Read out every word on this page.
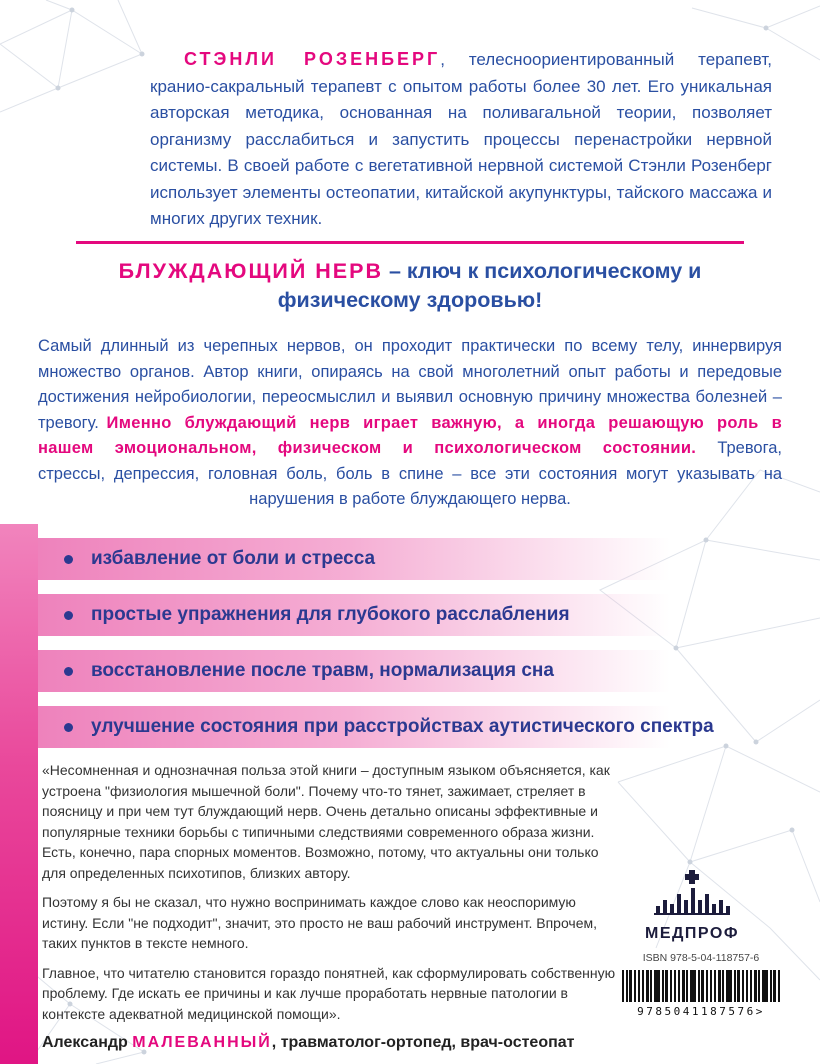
СТЭНЛИ РОЗЕНБЕРГ, телесноориентированный терапевт, кранио-сакральный терапевт с опытом работы более 30 лет. Его уникальная авторская методика, основанная на поливагальной теории, позволяет организму расслабиться и запустить процессы перенастройки нервной системы. В своей работе с вегетативной нервной системой Стэнли Розенберг использует элементы остеопатии, китайской акупунктуры, тайского массажа и многих других техник.

БЛУЖДАЮЩИЙ НЕРВ – ключ к психологическому и физическому здоровью!

Самый длинный из черепных нервов, он проходит практически по всему телу, иннервируя множество органов. Автор книги, опираясь на свой многолетний опыт работы и передовые достижения нейробиологии, переосмыслил и выявил основную причину множества болезней – тревогу. Именно блуждающий нерв играет важную, а иногда решающую роль в нашем эмоциональном, физическом и психологическом состоянии. Тревога, стрессы, депрессия, головная боль, боль в спине – все эти состояния могут указывать на нарушения в работе блуждающего нерва.

избавление от боли и стресса
простые упражнения для глубокого расслабления
восстановление после травм, нормализация сна
улучшение состояния при расстройствах аутистического спектра

«Несомненная и однозначная польза этой книги – доступным языком объясняется, как устроена "физиология мышечной боли". Почему что-то тянет, зажимает, стреляет в поясницу и при чем тут блуждающий нерв. Очень детально описаны эффективные и популярные техники борьбы с типичными следствиями современного образа жизни. Есть, конечно, пара спорных моментов. Возможно, потому, что актуальны они только для определенных психотипов, близких автору.

Поэтому я бы не сказал, что нужно воспринимать каждое слово как неоспоримую истину. Если "не подходит", значит, это просто не ваш рабочий инструмент. Впрочем, таких пунктов в тексте немного.

Главное, что читателю становится гораздо понятней, как сформулировать собственную проблему. Где искать ее причины и как лучше проработать нервные патологии в контексте адекватной медицинской помощи».

Александр МАЛЕВАННЫЙ, травматолог-ортопед, врач-остеопат

МЕДПРОФ
ISBN 978-5-04-118757-6
9785041187576>
